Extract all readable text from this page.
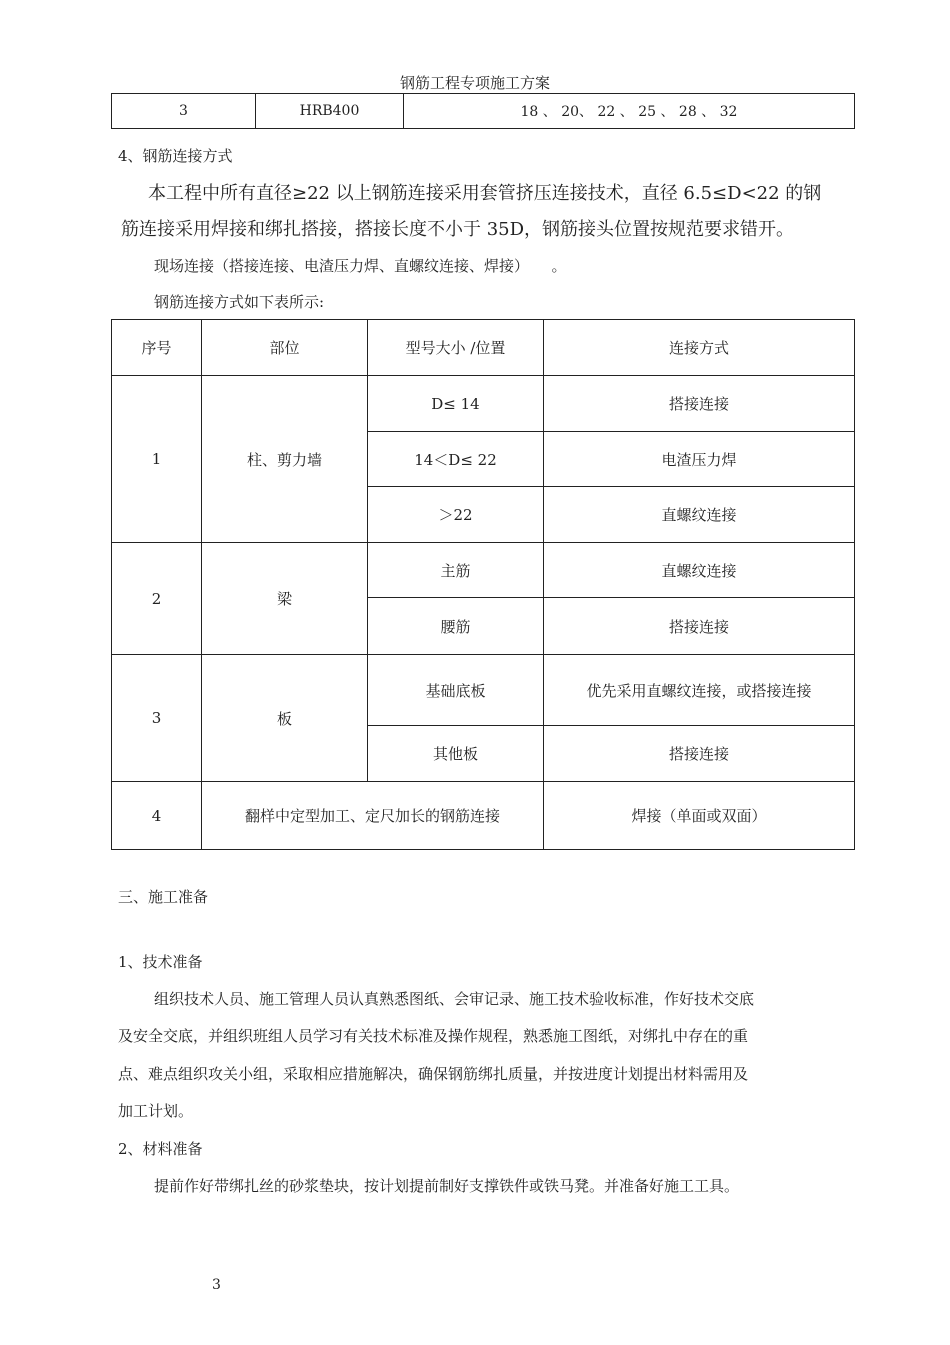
钢筋工程专项施工方案
3	HRB400	18 、 20、 22 、 25 、 28 、 32
4、钢筋连接方式
本工程中所有直径≥22 以上钢筋连接采用套管挤压连接技术，直径 6.5≤D<22 的钢
筋连接采用焊接和绑扎搭接，搭接长度不小于 35D，钢筋接头位置按规范要求错开。
现场连接（搭接连接、电渣压力焊、直螺纹连接、焊接）　　。
钢筋连接方式如下表所示:
序号	部位	型号大小 /位置	连接方式
1	柱、剪力墙	D≤ 14	搭接连接
		14＜D≤ 22	电渣压力焊
		＞22	直螺纹连接
2	梁	主筋	直螺纹连接
		腰筋	搭接连接
3	板	基础底板	优先采用直螺纹连接，或搭接连接
		其他板	搭接连接
4	翻样中定型加工、定尺加长的钢筋连接		焊接（单面或双面）
三、施工准备
1、技术准备
组织技术人员、施工管理人员认真熟悉图纸、会审记录、施工技术验收标准，作好技术交底
及安全交底，并组织班组人员学习有关技术标准及操作规程，熟悉施工图纸，对绑扎中存在的重
点、难点组织攻关小组，采取相应措施解决，确保钢筋绑扎质量，并按进度计划提出材料需用及
加工计划。
2、材料准备
提前作好带绑扎丝的砂浆垫块，按计划提前制好支撑铁件或铁马凳。并准备好施工工具。
3
